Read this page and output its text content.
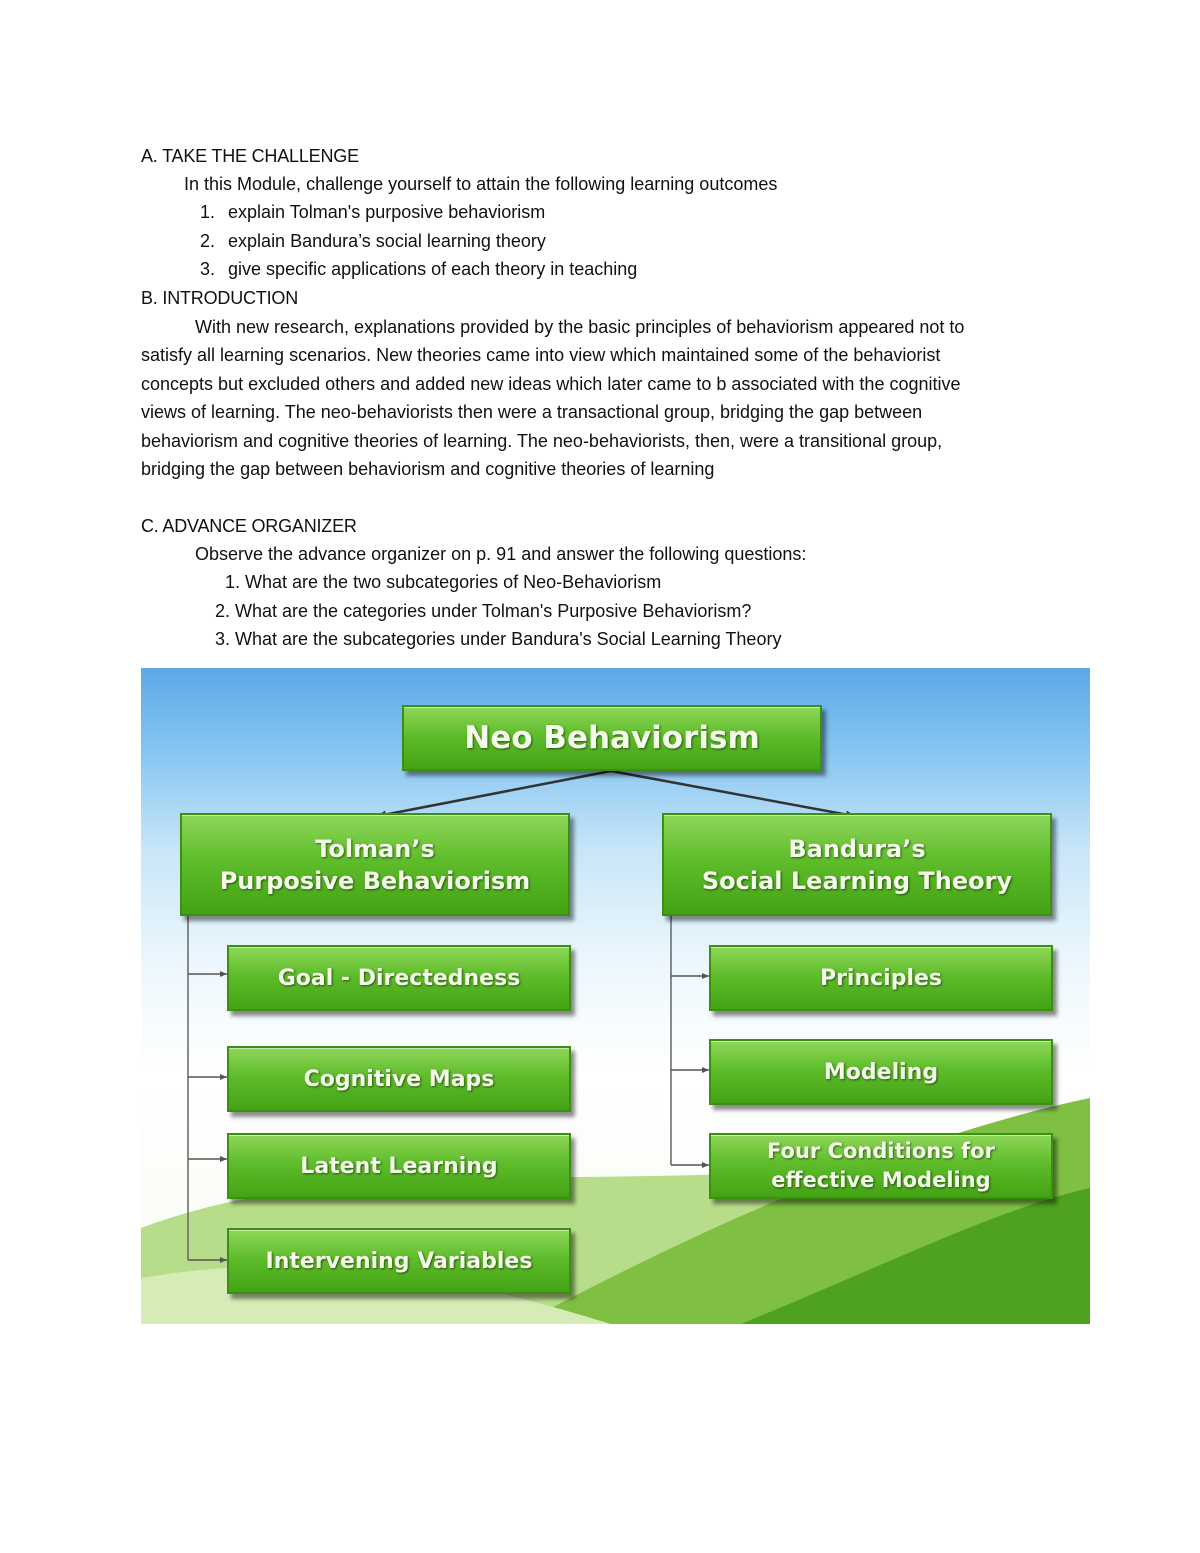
A. TAKE THE CHALLENGE
In this Module, challenge yourself to attain the following learning outcomes
1. explain Tolman's purposive behaviorism
2. explain Bandura’s social learning theory
3. give specific applications of each theory in teaching
B. INTRODUCTION
With new research, explanations provided by the basic principles of behaviorism appeared not to
satisfy all learning scenarios. New theories came into view which maintained some of the behaviorist
concepts but excluded others and added new ideas which later came to b associated with the cognitive
views of learning. The neo-behaviorists then were a transactional group, bridging the gap between
behaviorism and cognitive theories of learning. The neo-behaviorists, then, were a transitional group,
bridging the gap between behaviorism and cognitive theories of learning
C. ADVANCE ORGANIZER
Observe the advance organizer on p. 91 and answer the following questions:
1. What are the two subcategories of Neo-Behaviorism
2. What are the categories under Tolman's Purposive Behaviorism?
3. What are the subcategories under Bandura's Social Learning Theory
Neo Behaviorism
Tolman’s
Purposive Behaviorism
Bandura’s
Social Learning Theory
Goal - Directedness
Cognitive Maps
Latent Learning
Intervening Variables
Principles
Modeling
Four Conditions for
effective Modeling
